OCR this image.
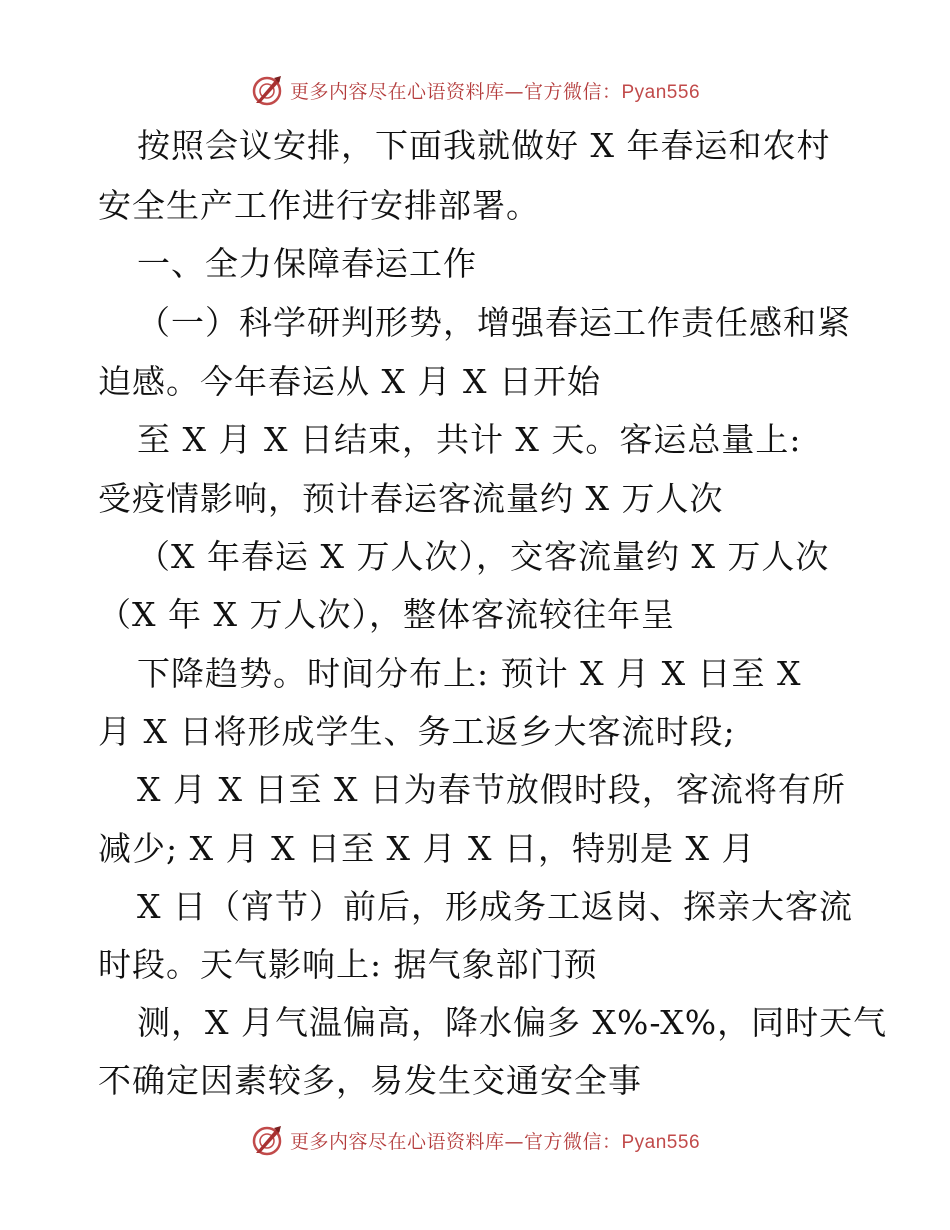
更多内容尽在心语资料库—官方微信：Pyan556
按照会议安排，下面我就做好 X 年春运和农村
安全生产工作进行安排部署。
一、全力保障春运工作
（一）科学研判形势，增强春运工作责任感和紧
迫感。今年春运从 X 月 X 日开始
至 X 月 X 日结束，共计 X 天。客运总量上:
受疫情影响，预计春运客流量约 X 万人次
（X 年春运 X 万人次），交客流量约 X 万人次
（X 年 X 万人次），整体客流较往年呈
下降趋势。时间分布上: 预计 X 月 X 日至 X
月 X 日将形成学生、务工返乡大客流时段;
X 月 X 日至 X 日为春节放假时段，客流将有所
减少; X 月 X 日至 X 月 X 日，特别是 X 月
X 日（宵节）前后，形成务工返岗、探亲大客流
时段。天气影响上: 据气象部门预
测，X 月气温偏高，降水偏多 X%-X%，同时天气
不确定因素较多，易发生交通安全事
更多内容尽在心语资料库—官方微信：Pyan556
